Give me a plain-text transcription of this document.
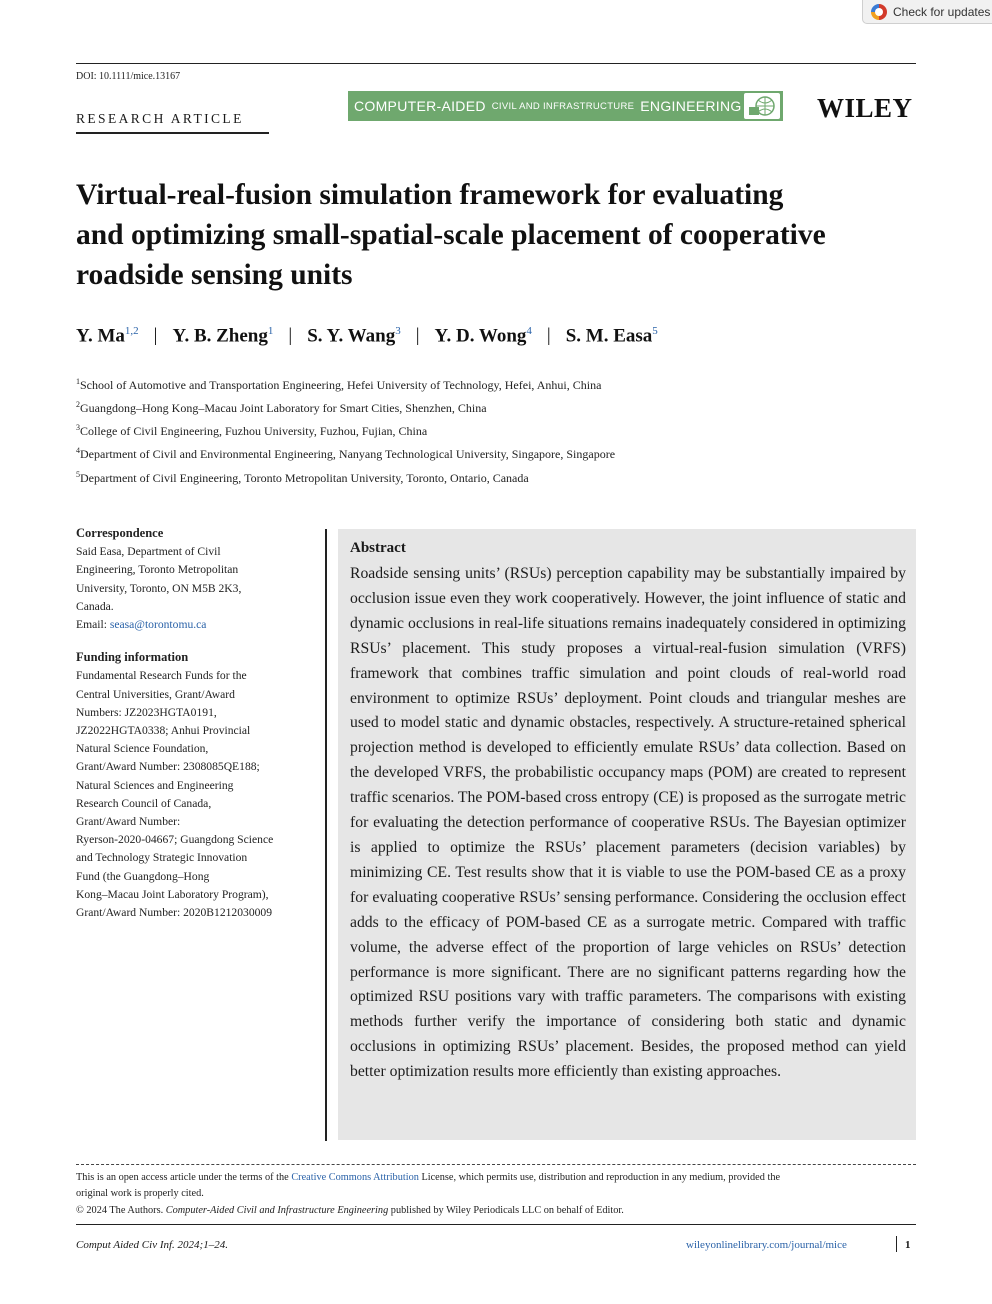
Check for updates
DOI: 10.1111/mice.13167
RESEARCH ARTICLE
COMPUTER-AIDED CIVIL AND INFRASTRUCTURE ENGINEERING	WILEY
Virtual-real-fusion simulation framework for evaluating
and optimizing small-spatial-scale placement of cooperative
roadside sensing units
Y. Ma$^{1,2}$ | Y. B. Zheng$^1$ | S. Y. Wang$^3$ | Y. D. Wong$^4$ | S. M. Easa$^5$
$^1$School of Automotive and Transportation Engineering, Hefei University of Technology, Hefei, Anhui, China
$^2$Guangdong–Hong Kong–Macau Joint Laboratory for Smart Cities, Shenzhen, China
$^3$College of Civil Engineering, Fuzhou University, Fuzhou, Fujian, China
$^4$Department of Civil and Environmental Engineering, Nanyang Technological University, Singapore, Singapore
$^5$Department of Civil Engineering, Toronto Metropolitan University, Toronto, Ontario, Canada
Correspondence
Said Easa, Department of Civil
Engineering, Toronto Metropolitan
University, Toronto, ON M5B 2K3,
Canada.
Email: seasa@torontomu.ca
Funding information
Fundamental Research Funds for the
Central Universities, Grant/Award
Numbers: JZ2023HGTA0191,
JZ2022HGTA0338; Anhui Provincial
Natural Science Foundation,
Grant/Award Number: 2308085QE188;
Natural Sciences and Engineering
Research Council of Canada,
Grant/Award Number:
Ryerson-2020-04667; Guangdong Science
and Technology Strategic Innovation
Fund (the Guangdong–Hong
Kong–Macau Joint Laboratory Program),
Grant/Award Number: 2020B1212030009
Abstract
Roadside sensing units’ (RSUs) perception capability may be substantially impaired by occlusion issue even they work cooperatively. However, the joint influence of static and dynamic occlusions in real-life situations remains inadequately considered in optimizing RSUs’ placement. This study proposes a virtual-real-fusion simulation (VRFS) framework that combines traffic simulation and point clouds of real-world road environment to optimize RSUs’ deployment. Point clouds and triangular meshes are used to model static and dynamic obstacles, respectively. A structure-retained spherical projection method is developed to efficiently emulate RSUs’ data collection. Based on the developed VRFS, the probabilistic occupancy maps (POM) are created to represent traffic scenarios. The POM-based cross entropy (CE) is proposed as the surrogate metric for evaluating the detection performance of cooperative RSUs. The Bayesian optimizer is applied to optimize the RSUs’ placement parameters (decision variables) by minimizing CE. Test results show that it is viable to use the POM-based CE as a proxy for evaluating cooperative RSUs’ sensing performance. Considering the occlusion effect adds to the efficacy of POM-based CE as a surrogate metric. Compared with traffic volume, the adverse effect of the proportion of large vehicles on RSUs’ detection performance is more significant. There are no significant patterns regarding how the optimized RSU positions vary with traffic parameters. The comparisons with existing methods further verify the importance of considering both static and dynamic occlusions in optimizing RSUs’ placement. Besides, the proposed method can yield better optimization results more efficiently than existing approaches.
This is an open access article under the terms of the Creative Commons Attribution License, which permits use, distribution and reproduction in any medium, provided the
original work is properly cited.
© 2024 The Authors. Computer-Aided Civil and Infrastructure Engineering published by Wiley Periodicals LLC on behalf of Editor.
Comput Aided Civ Inf. 2024;1–24.	wileyonlinelibrary.com/journal/mice	1
